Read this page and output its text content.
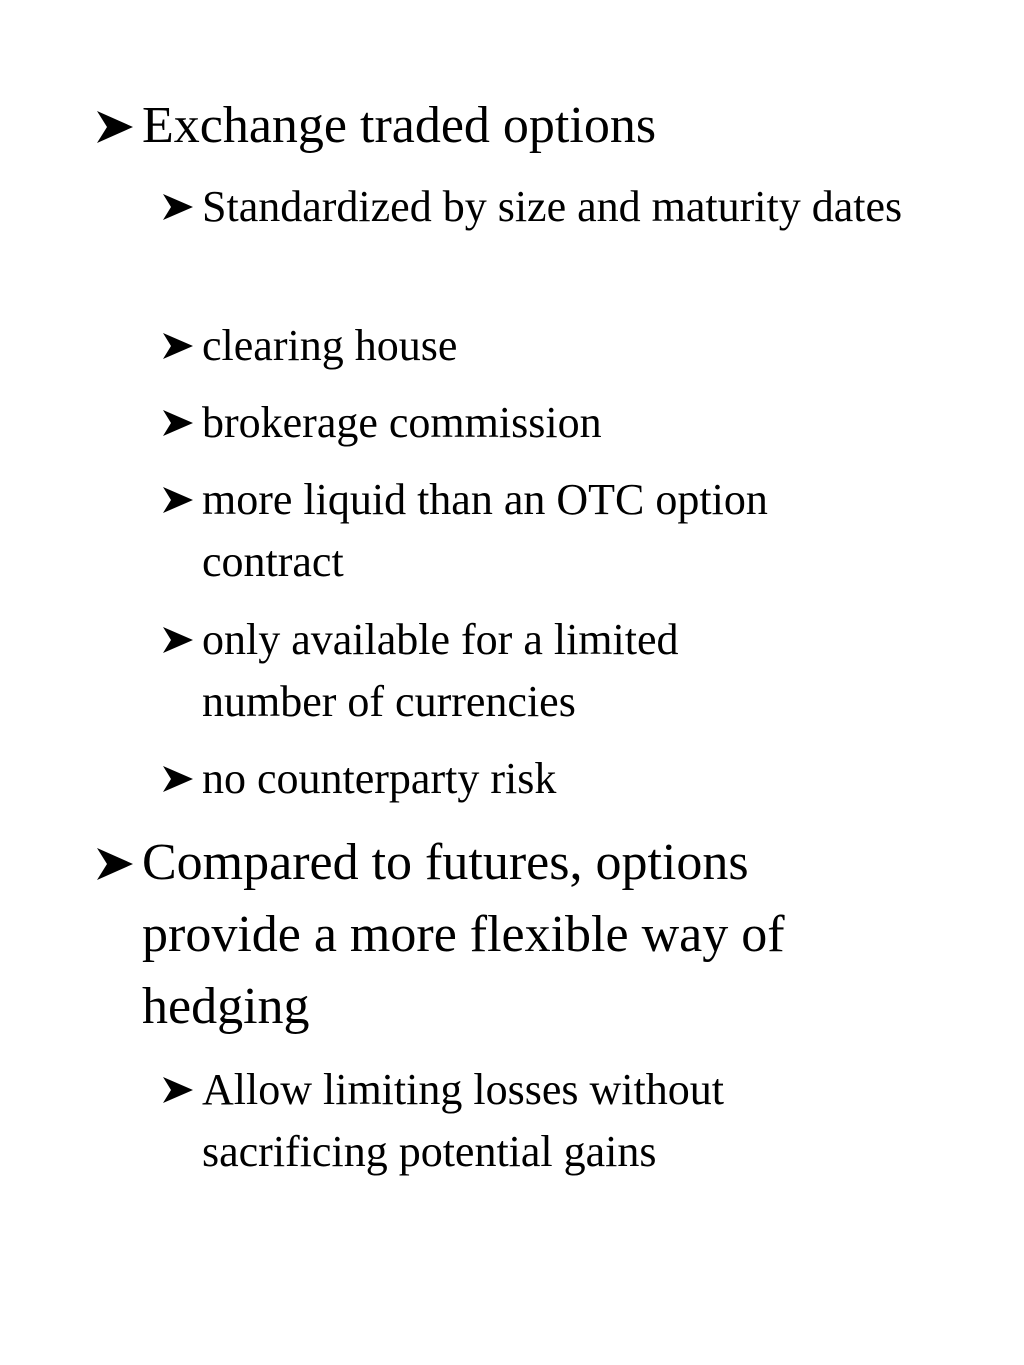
Exchange traded options
Standardized by size and maturity dates
clearing house
brokerage commission
more liquid than an OTC option contract
only available for a limited number of currencies
no counterparty risk
Compared to futures, options provide a more flexible way of hedging
Allow limiting losses without sacrificing potential gains
